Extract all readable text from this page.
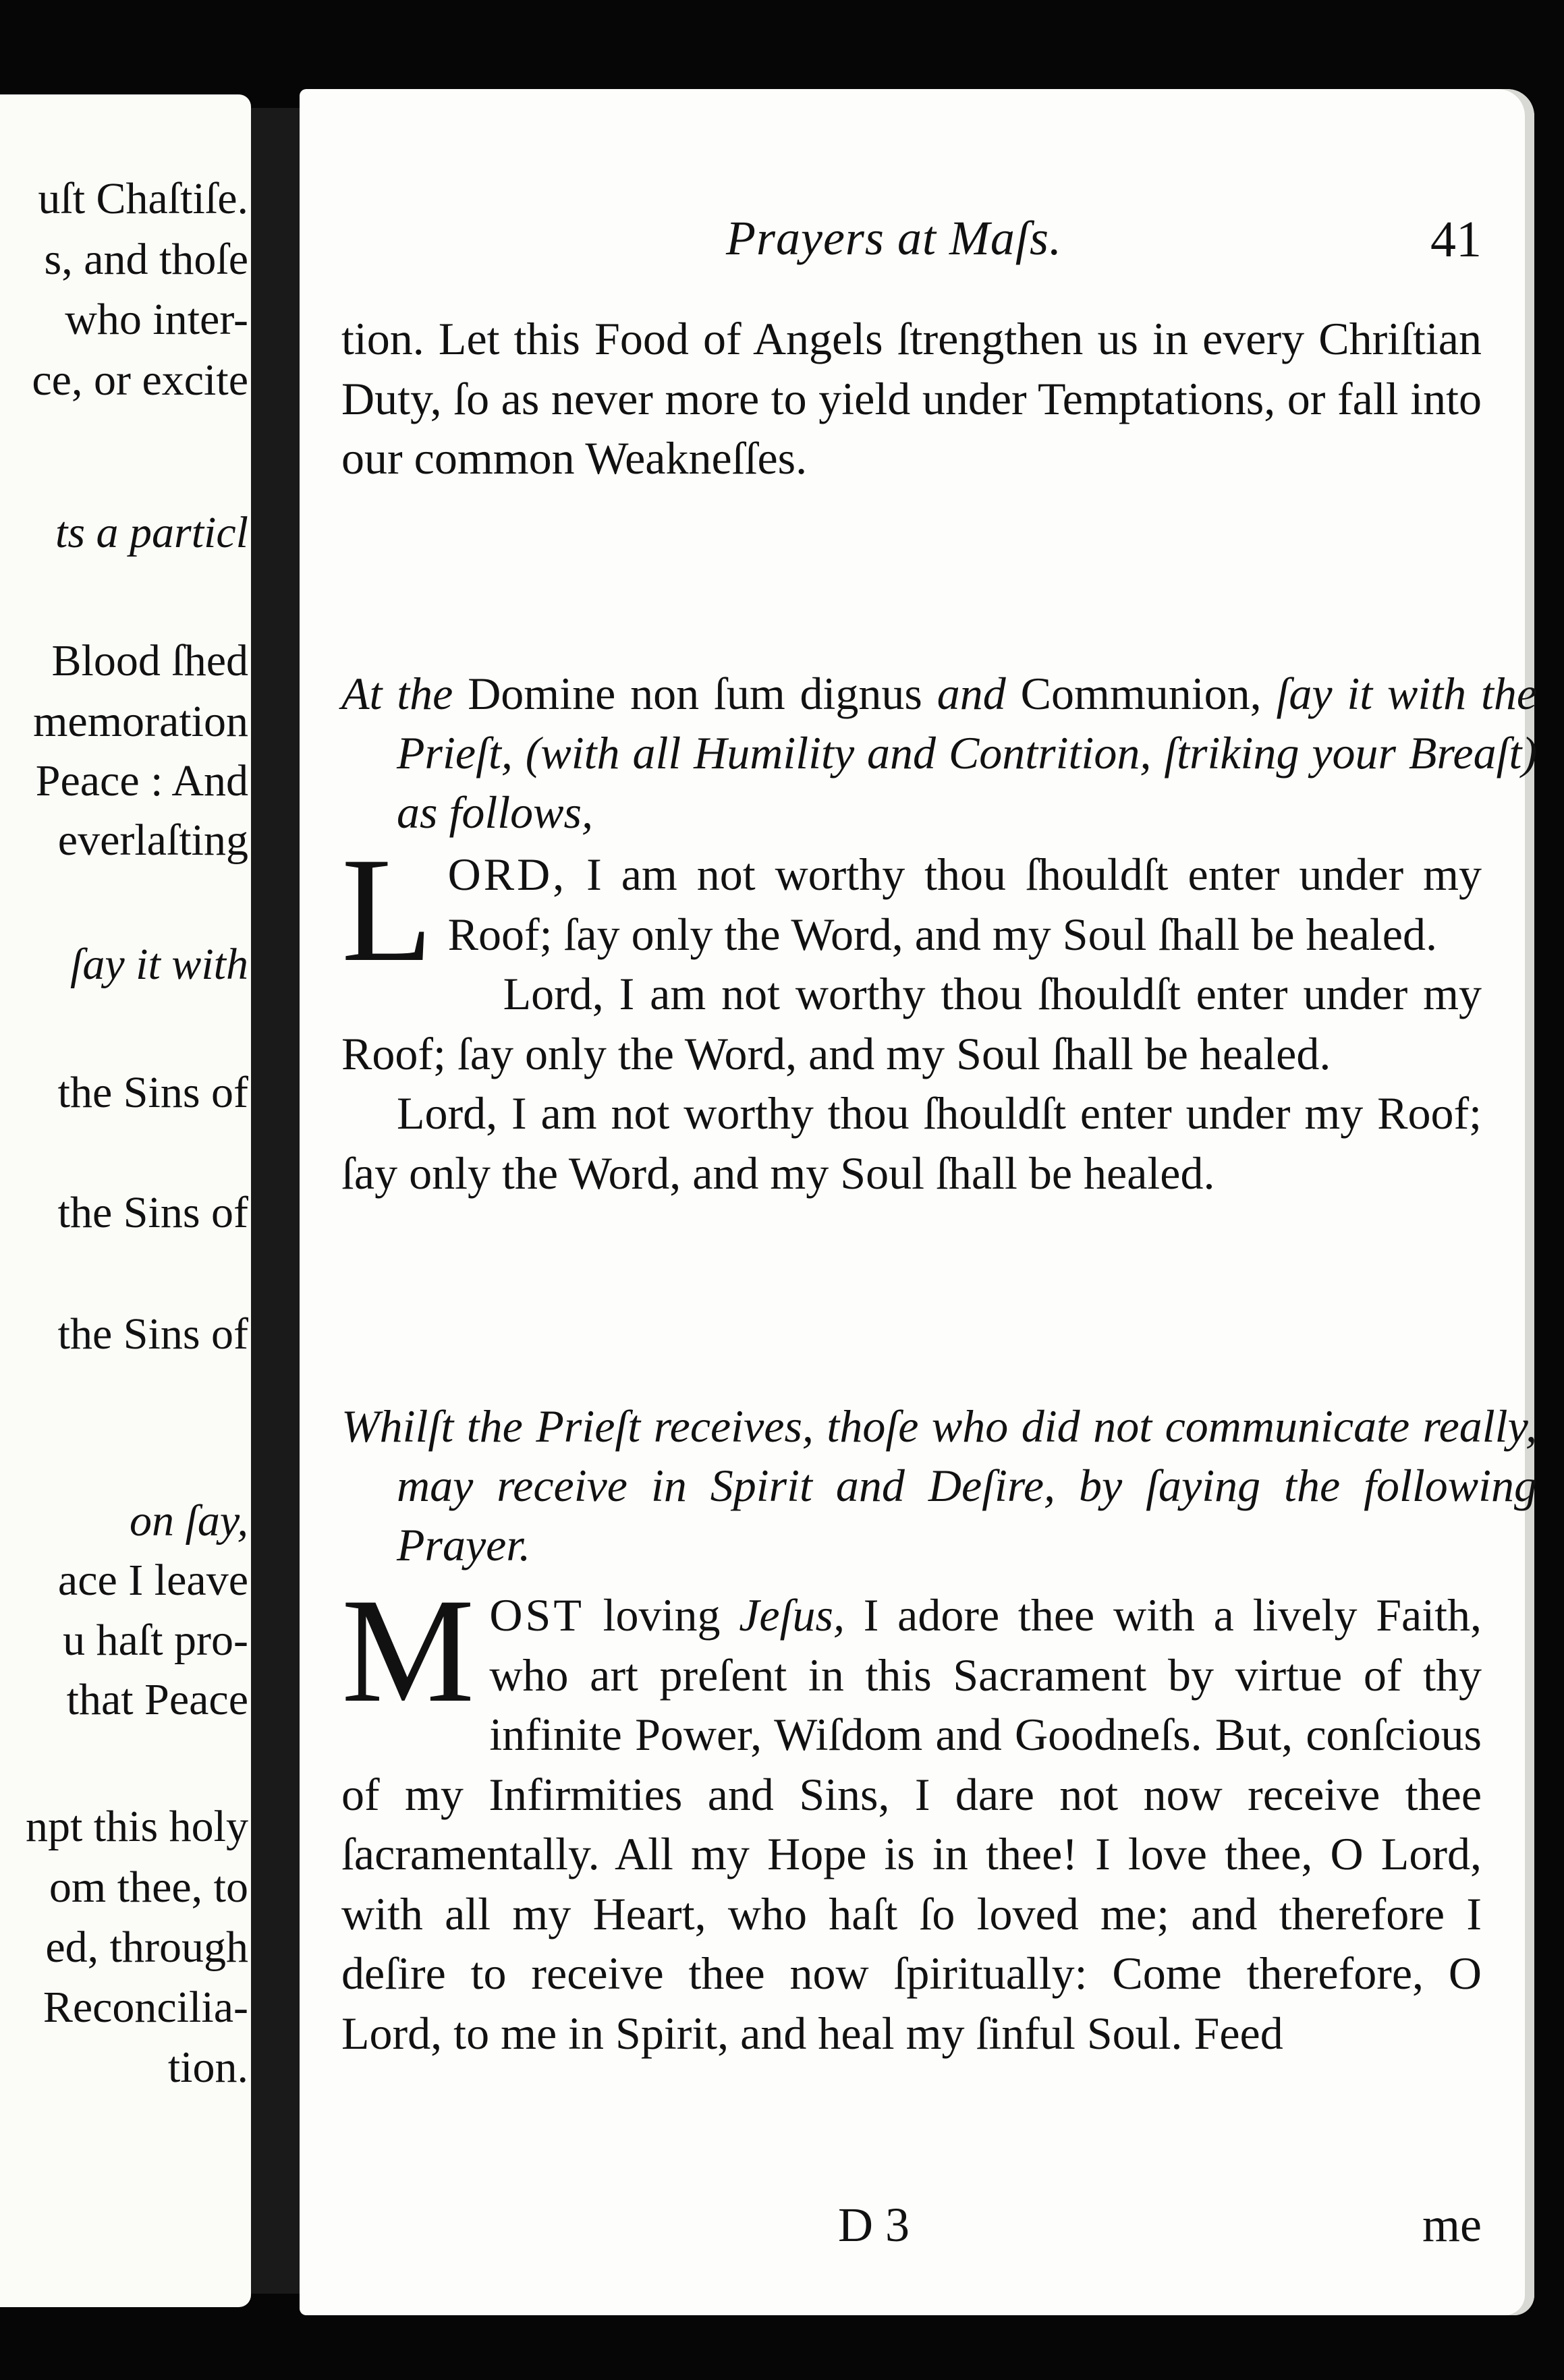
uſt Chaſtiſe.
s, and thoſe
who inter-
ce, or excite
ts a particl
Blood ſhed
memoration
Peace : And
everlaſting
ſay it with
the Sins of
the Sins of
the Sins of
on ſay,
ace I leave
u haſt pro-
that Peace
npt this holy
om thee, to
ed, through
Reconcilia-
tion.
Prayers at Maſs.	41
tion. Let this Food of Angels ſtrengthen us in every Chriſtian Duty, ſo as never more to yield under Temptations, or fall into our common Weakneſſes.
At the Domine non ſum dignus and Communion, ſay it with the Prieſt, (with all Humility and Contrition, ſtriking your Breaſt) as follows,
L ORD, I am not worthy thou ſhouldſt enter under my Roof; ſay only the Word, and my Soul ſhall be healed.
Lord, I am not worthy thou ſhouldſt enter under my Roof; ſay only the Word, and my Soul ſhall be healed.
Lord, I am not worthy thou ſhouldſt enter under my Roof; ſay only the Word, and my Soul ſhall be healed.
Whilſt the Prieſt receives, thoſe who did not communicate really, may receive in Spirit and Deſire, by ſaying the following Prayer.
M OST loving Jeſus, I adore thee with a lively Faith, who art preſent in this Sacrament by virtue of thy infinite Power, Wiſdom and Goodneſs. But, conſcious of my Infirmities and Sins, I dare not now receive thee ſacramentally. All my Hope is in thee! I love thee, O Lord, with all my Heart, who haſt ſo loved me; and therefore I deſire to receive thee now ſpiritually: Come therefore, O Lord, to me in Spirit, and heal my ſinful Soul. Feed
D 3	me
